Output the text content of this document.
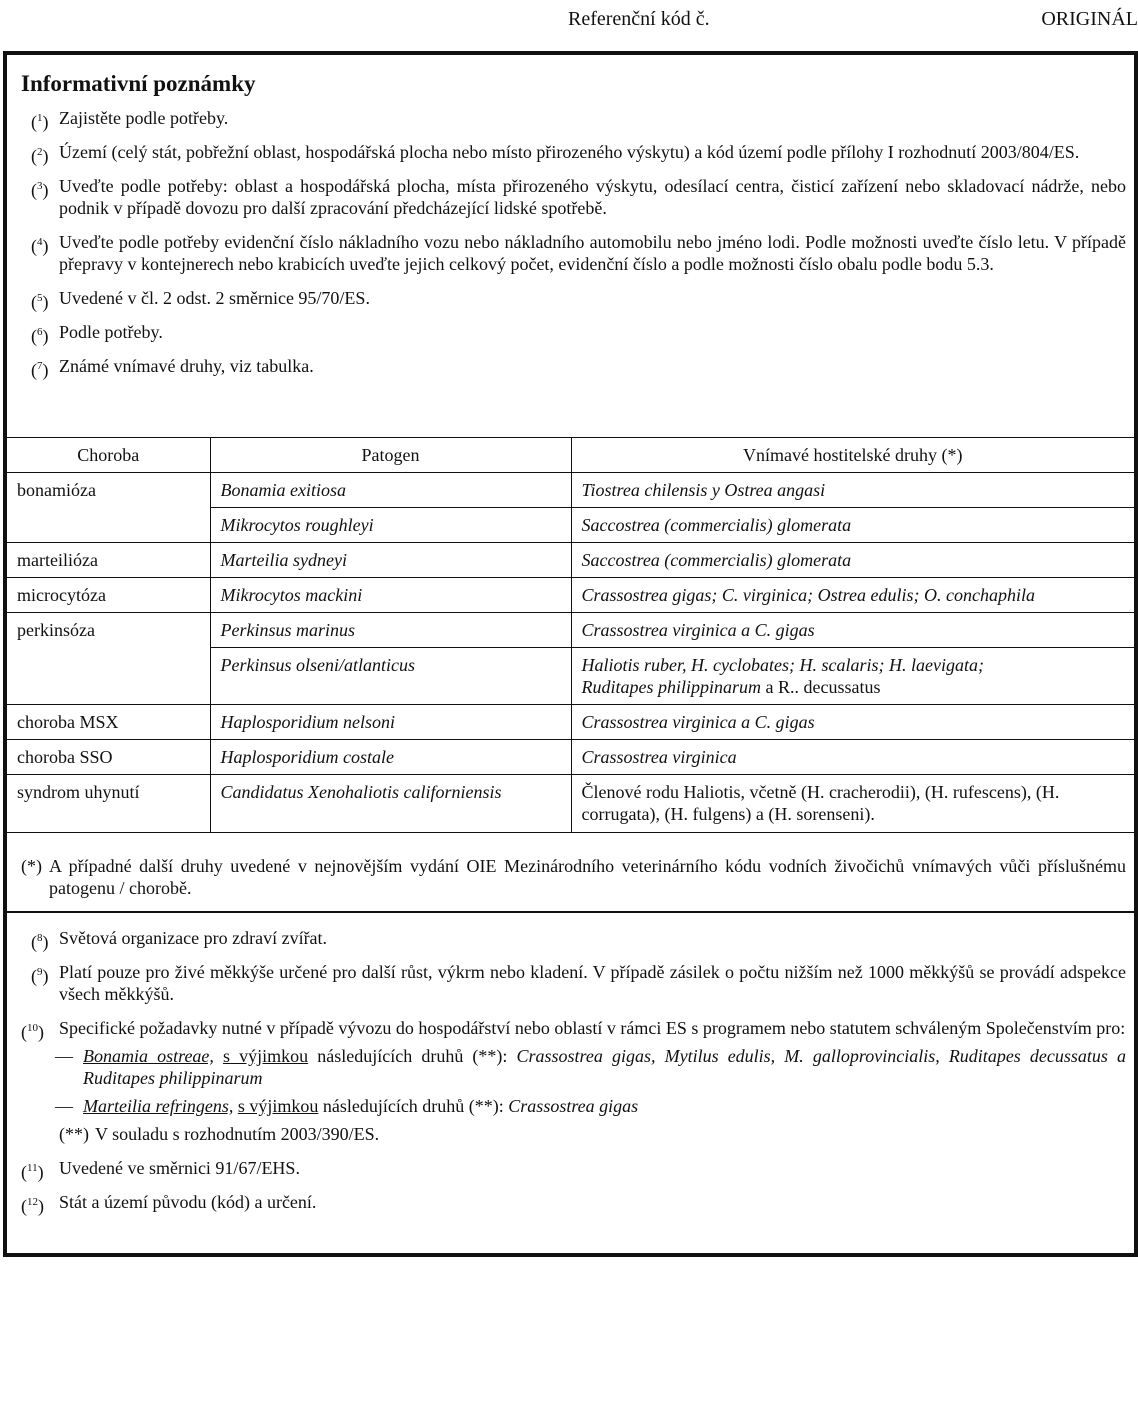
Referenční kód č.	ORIGINÁL
Informativní poznámky
($^1$) Zajistěte podle potřeby.
($^2$) Území (celý stát, pobřežní oblast, hospodářská plocha nebo místo přirozeného výskytu) a kód území podle přílohy I rozhodnutí 2003/804/ES.
($^3$) Uveďte podle potřeby: oblast a hospodářská plocha, místa přirozeného výskytu, odesílací centra, čisticí zařízení nebo skladovací nádrže, nebo podnik v případě dovozu pro další zpracování předcházející lidské spotřebě.
($^4$) Uveďte podle potřeby evidenční číslo nákladního vozu nebo nákladního automobilu nebo jméno lodi. Podle možnosti uveďte číslo letu. V případě přepravy v kontejnerech nebo krabicích uveďte jejich celkový počet, evidenční číslo a podle možnosti číslo obalu podle bodu 5.3.
($^5$) Uvedené v čl. 2 odst. 2 směrnice 95/70/ES.
($^6$) Podle potřeby.
($^7$) Známé vnímavé druhy, viz tabulka.
Choroba	Patogen	Vnímavé hostitelské druhy (*)
bonamióza	Bonamia exitiosa	Tiostrea chilensis y Ostrea angasi
	Mikrocytos roughleyi	Saccostrea (commercialis) glomerata
marteilióza	Marteilia sydneyi	Saccostrea (commercialis) glomerata
microcytóza	Mikrocytos mackini	Crassostrea gigas; C. virginica; Ostrea edulis; O. conchaphila
perkinsóza	Perkinsus marinus	Crassostrea virginica a C. gigas
	Perkinsus olseni/atlanticus	Haliotis ruber, H. cyclobates; H. scalaris; H. laevigata;
Ruditapes philippinarum a R.. decussatus
choroba MSX	Haplosporidium nelsoni	Crassostrea virginica a C. gigas
choroba SSO	Haplosporidium costale	Crassostrea virginica
syndrom uhynutí	Candidatus Xenohaliotis californiensis	Členové rodu Haliotis, včetně (H. cracherodii), (H. rufescens), (H. corrugata), (H. fulgens) a (H. sorenseni).
(*) A případné další druhy uvedené v nejnovějším vydání OIE Mezinárodního veterinárního kódu vodních živočichů vnímavých vůči příslušnému patogenu / chorobě.
($^8$) Světová organizace pro zdraví zvířat.
($^9$) Platí pouze pro živé měkkýše určené pro další růst, výkrm nebo kladení. V případě zásilek o počtu nižším než 1000 měkkýšů se provádí adspekce všech měkkýšů.
($^{10}$) Specifické požadavky nutné v případě vývozu do hospodářství nebo oblastí v rámci ES s programem nebo statutem schváleným Společenstvím pro:
— Bonamia ostreae, s výjimkou následujících druhů (**): Crassostrea gigas, Mytilus edulis, M. galloprovincialis, Ruditapes decussatus a Ruditapes philippinarum
— Marteilia refringens, s výjimkou následujících druhů (**): Crassostrea gigas
(**) V souladu s rozhodnutím 2003/390/ES.
($^{11}$) Uvedené ve směrnici 91/67/EHS.
($^{12}$) Stát a území původu (kód) a určení.
